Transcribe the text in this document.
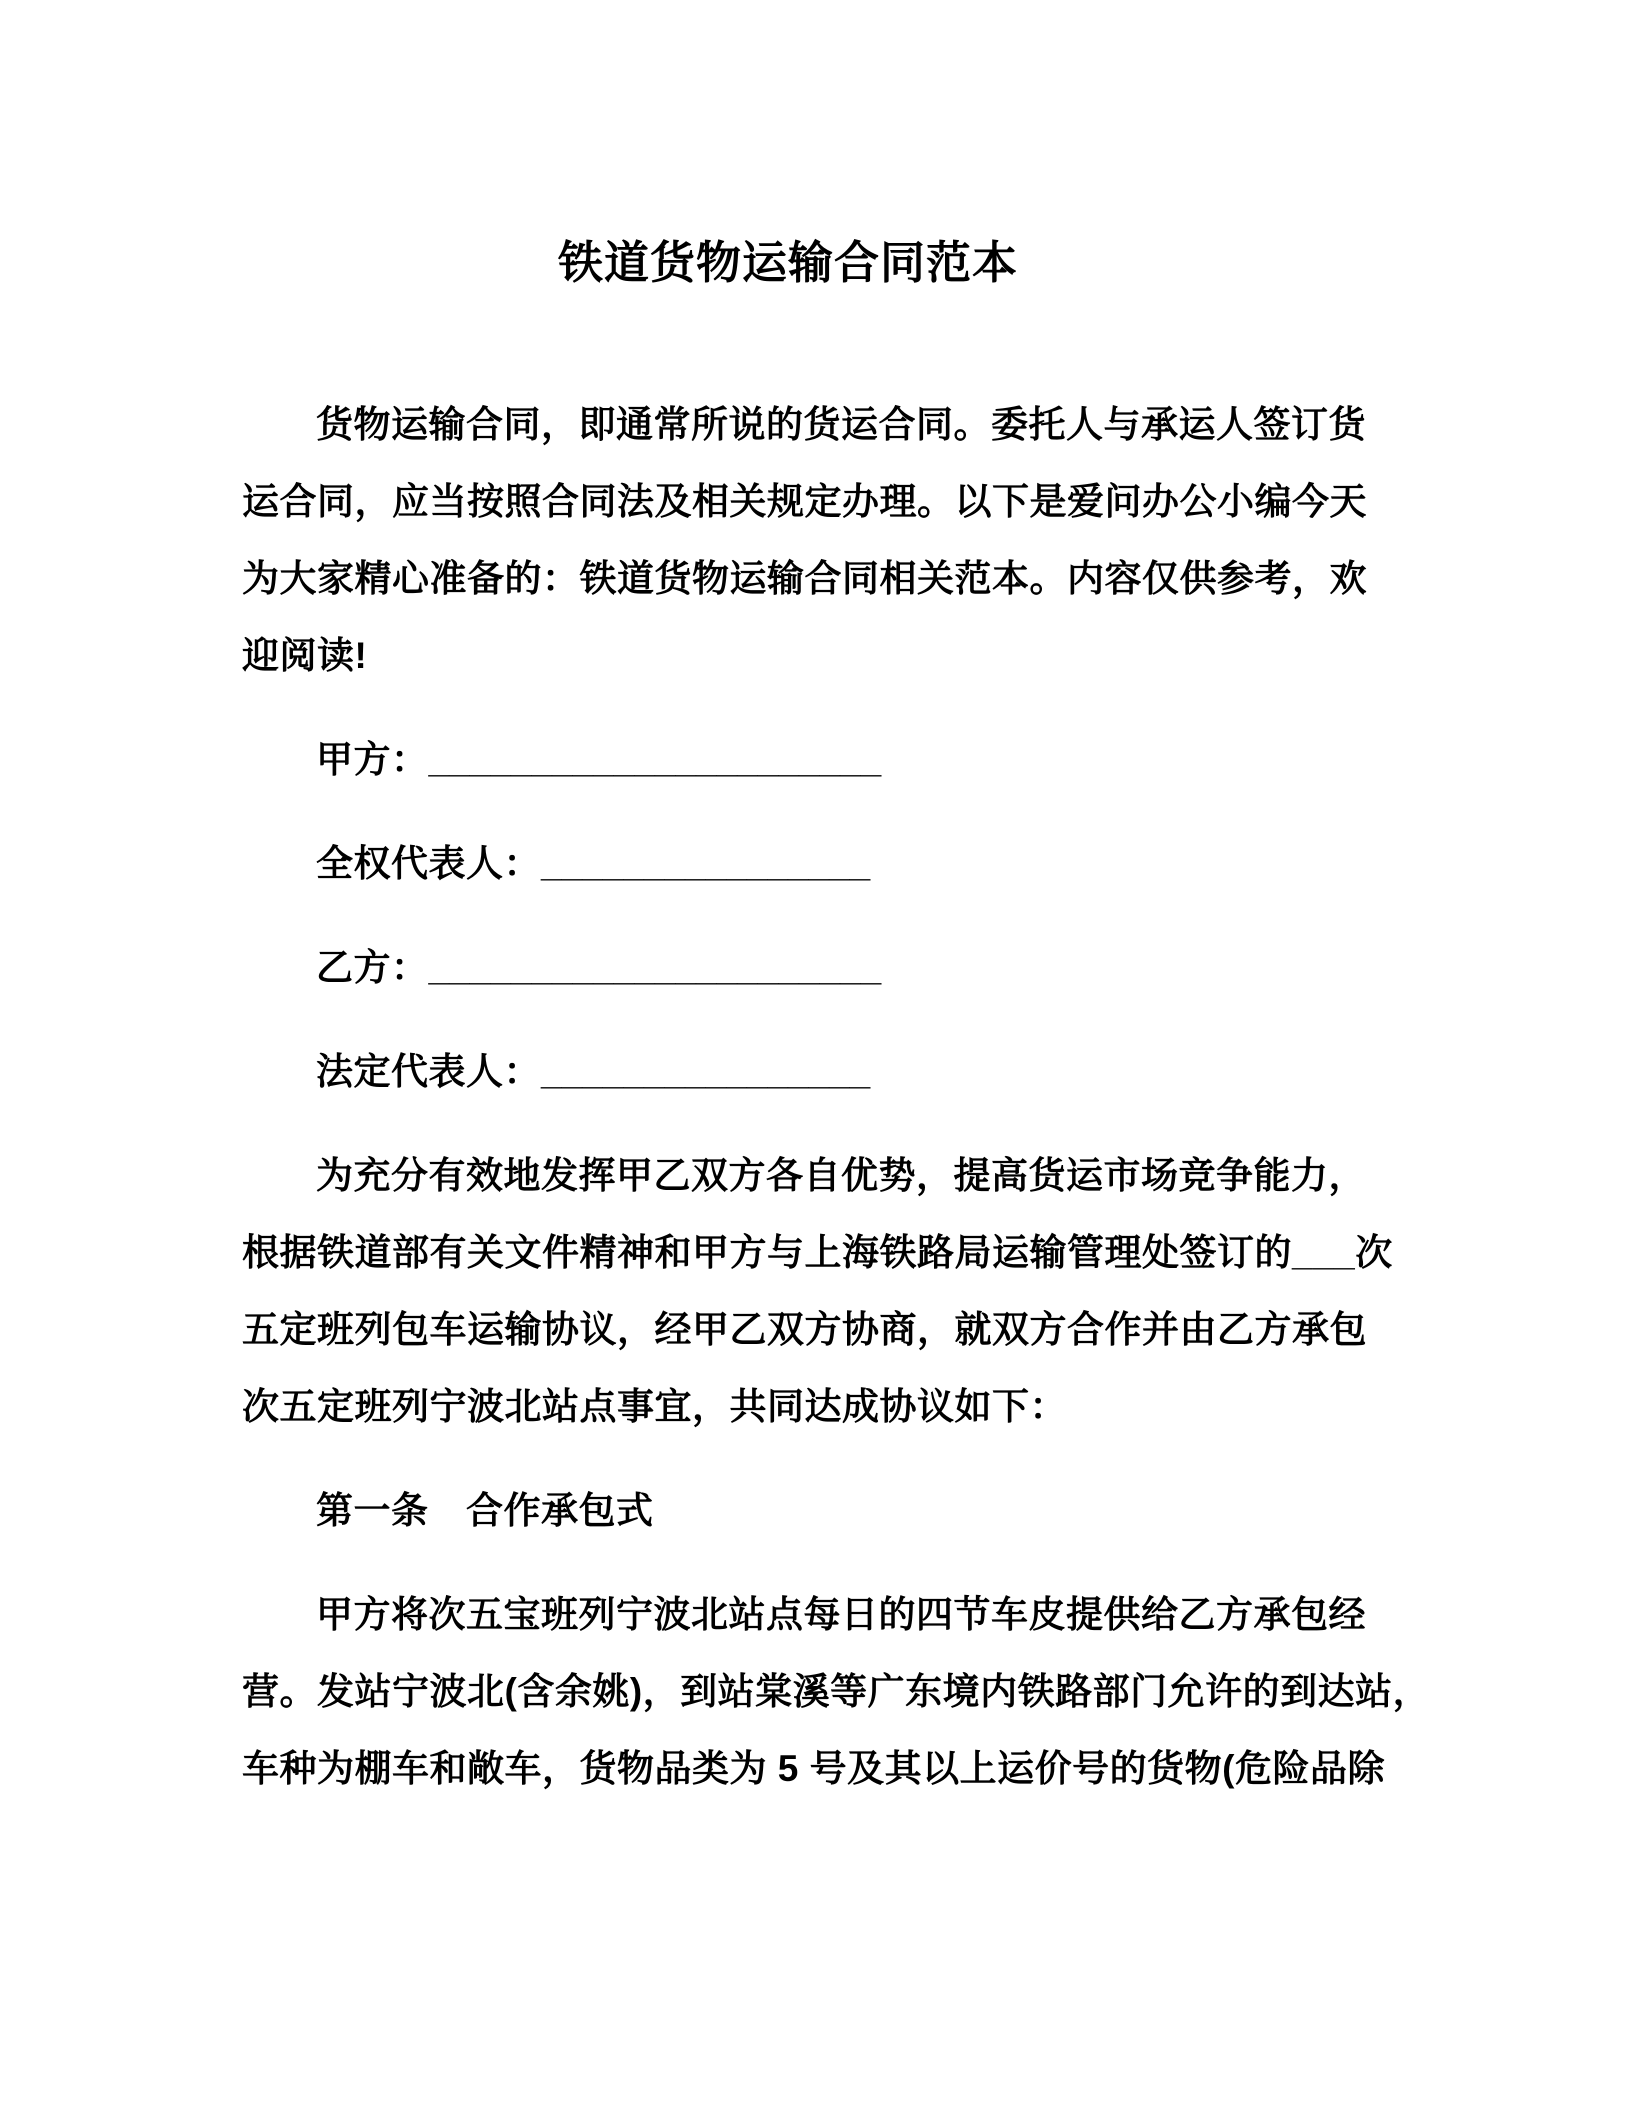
铁道货物运输合同范本
货物运输合同，即通常所说的货运合同。委托人与承运人签订货
运合同，应当按照合同法及相关规定办理。以下是爱问办公小编今天
为大家精心准备的：铁道货物运输合同相关范本。内容仅供参考，欢
迎阅读!
甲方：______________________
全权代表人：________________
乙方：______________________
法定代表人：________________
为充分有效地发挥甲乙双方各自优势，提高货运市场竞争能力，
根据铁道部有关文件精神和甲方与上海铁路局运输管理处签订的___次
五定班列包车运输协议，经甲乙双方协商，就双方合作并由乙方承包
次五定班列宁波北站点事宜，共同达成协议如下：
第一条　合作承包式
甲方将次五宝班列宁波北站点每日的四节车皮提供给乙方承包经
营。发站宁波北(含余姚)，到站棠溪等广东境内铁路部门允许的到达站，
车种为棚车和敞车，货物品类为 5 号及其以上运价号的货物(危险品除
